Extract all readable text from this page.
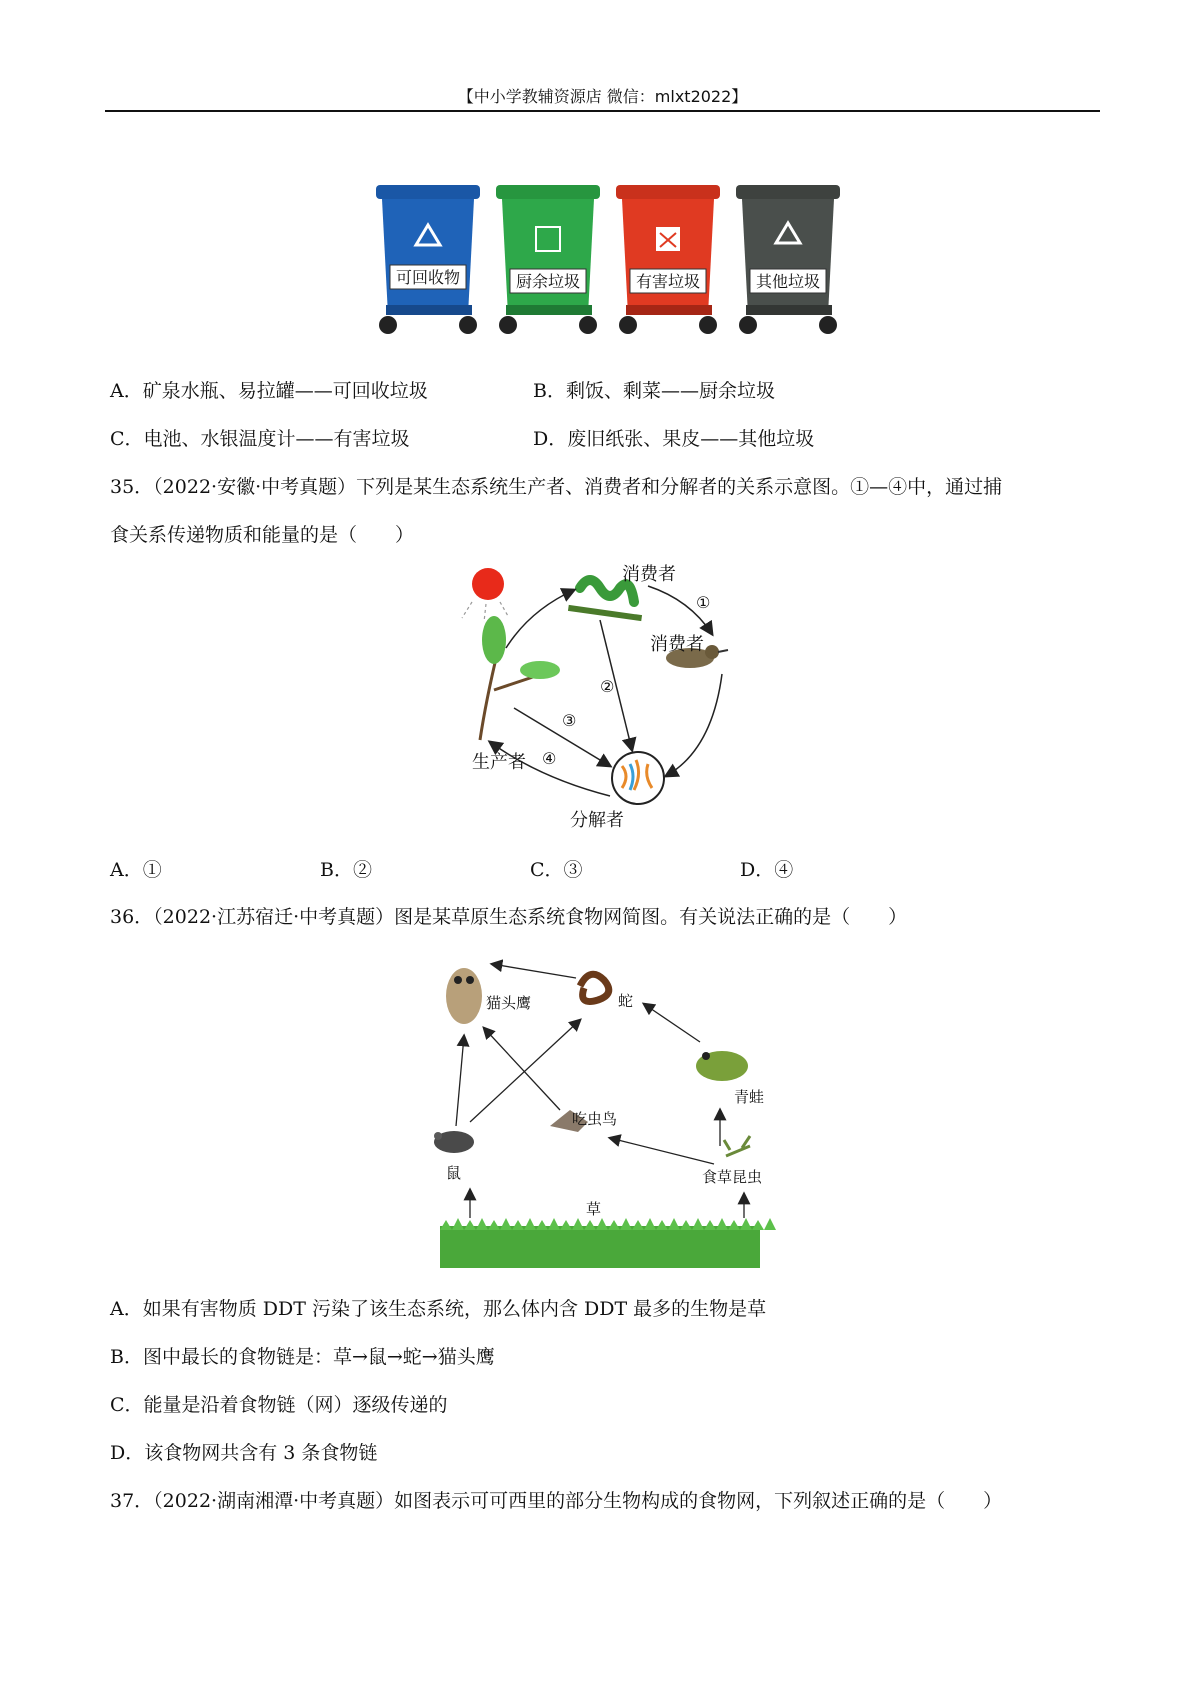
【中小学教辅资源店 微信：mlxt2022】
可回收物	厨余垃圾	有害垃圾	其他垃圾
A．矿泉水瓶、易拉罐——可回收垃圾	B．剩饭、剩菜——厨余垃圾
C．电池、水银温度计——有害垃圾	D．废旧纸张、果皮——其他垃圾
35．（2022·安徽·中考真题）下列是某生态系统生产者、消费者和分解者的关系示意图。①—④中，通过捕
食关系传递物质和能量的是（　　）
消费者
消费者
生产者
分解者
①
②
③
④
A．①	B．②	C．③	D．④
36．（2022·江苏宿迁·中考真题）图是某草原生态系统食物网简图。有关说法正确的是（　　）
猫头鹰	蛇
青蛙
吃虫鸟
鼠	食草昆虫
草
A．如果有害物质 DDT 污染了该生态系统，那么体内含 DDT 最多的生物是草
B．图中最长的食物链是：草→鼠→蛇→猫头鹰
C．能量是沿着食物链（网）逐级传递的
D．该食物网共含有 3 条食物链
37．（2022·湖南湘潭·中考真题）如图表示可可西里的部分生物构成的食物网，下列叙述正确的是（　　）
